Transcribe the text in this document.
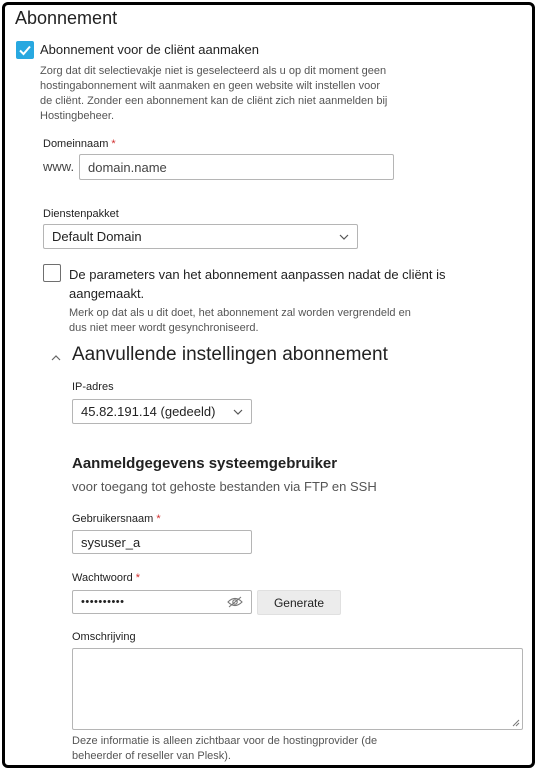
Abonnement
Abonnement voor de cliënt aanmaken
Zorg dat dit selectievakje niet is geselecteerd als u op dit moment geen
hostingabonnement wilt aanmaken en geen website wilt instellen voor
de cliënt. Zonder een abonnement kan de cliënt zich niet aanmelden bij
Hostingbeheer.
Domeinnaam *
www. domain.name
Dienstenpakket
Default Domain
De parameters van het abonnement aanpassen nadat de cliënt is
aangemaakt.
Merk op dat als u dit doet, het abonnement zal worden vergrendeld en
dus niet meer wordt gesynchroniseerd.
Aanvullende instellingen abonnement
IP-adres
45.82.191.14 (gedeeld)
Aanmeldgegevens systeemgebruiker
voor toegang tot gehoste bestanden via FTP en SSH
Gebruikersnaam *
sysuser_a
Wachtwoord *
••••••••••	Generate
Omschrijving
Deze informatie is alleen zichtbaar voor de hostingprovider (de
beheerder of reseller van Plesk).
